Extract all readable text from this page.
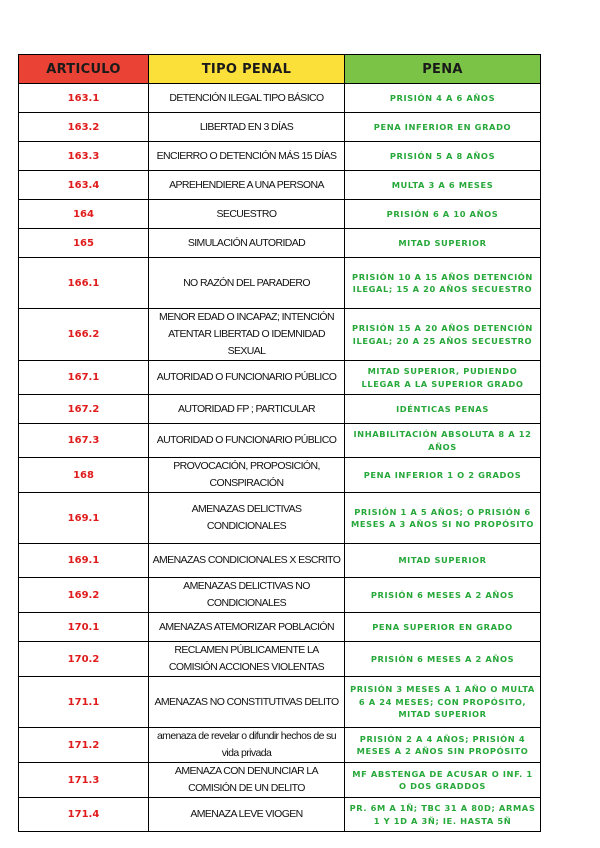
ARTICULO	TIPO PENAL	PENA
163.1	DETENCIÓN ILEGAL TIPO BÁSICO	PRISIÓN 4 A 6 AÑOS
163.2	LIBERTAD EN 3 DÍAS	PENA INFERIOR EN GRADO
163.3	ENCIERRO O DETENCIÓN MÁS 15 DÍAS	PRISIÓN 5 A 8 AÑOS
163.4	APREHENDIERE A UNA PERSONA	MULTA 3 A 6 MESES
164	SECUESTRO	PRISIÓN 6 A 10 AÑOS
165	SIMULACIÓN AUTORIDAD	MITAD SUPERIOR
166.1	NO RAZÓN DEL PARADERO	PRISIÓN 10 A 15 AÑOS DETENCIÓN ILEGAL; 15 A 20 AÑOS SECUESTRO
166.2	MENOR EDAD O INCAPAZ; INTENCIÓN ATENTAR LIBERTAD O IDEMNIDAD SEXUAL	PRISIÓN 15 A 20 AÑOS DETENCIÓN ILEGAL; 20 A 25 AÑOS SECUESTRO
167.1	AUTORIDAD O FUNCIONARIO PÚBLICO	MITAD SUPERIOR, PUDIENDO LLEGAR A LA SUPERIOR GRADO
167.2	AUTORIDAD FP ; PARTICULAR	IDÉNTICAS PENAS
167.3	AUTORIDAD O FUNCIONARIO PÚBLICO	INHABILITACIÓN ABSOLUTA 8 A 12 AÑOS
168	PROVOCACIÓN, PROPOSICIÓN, CONSPIRACIÓN	PENA INFERIOR 1 O 2 GRADOS
169.1	AMENAZAS DELICTIVAS CONDICIONALES	PRISIÓN 1 A 5 AÑOS; O PRISIÓN 6 MESES A 3 AÑOS SI NO PROPÓSITO
169.1	AMENAZAS CONDICIONALES X ESCRITO	MITAD SUPERIOR
169.2	AMENAZAS DELICTIVAS NO CONDICIONALES	PRISIÓN 6 MESES A 2 AÑOS
170.1	AMENAZAS ATEMORIZAR POBLACIÓN	PENA SUPERIOR EN GRADO
170.2	RECLAMEN PÚBLICAMENTE LA COMISIÓN ACCIONES VIOLENTAS	PRISIÓN 6 MESES A 2 AÑOS
171.1	AMENAZAS NO CONSTITUTIVAS DELITO	PRISIÓN 3 MESES A 1 AÑO O MULTA 6 A 24 MESES; CON PROPÓSITO, MITAD SUPERIOR
171.2	amenaza de revelar o difundir hechos de su vida privada	PRISIÓN 2 A 4 AÑOS; PRISIÓN 4 MESES A 2 AÑOS SIN PROPÓSITO
171.3	AMENAZA CON DENUNCIAR LA COMISIÓN DE UN DELITO	MF ABSTENGA DE ACUSAR O INF. 1 O DOS GRADDOS
171.4	AMENAZA LEVE VIOGEN	PR. 6M A 1Ñ; TBC 31 A 80D; ARMAS 1 Y 1D A 3Ñ; IE. HASTA 5Ñ
